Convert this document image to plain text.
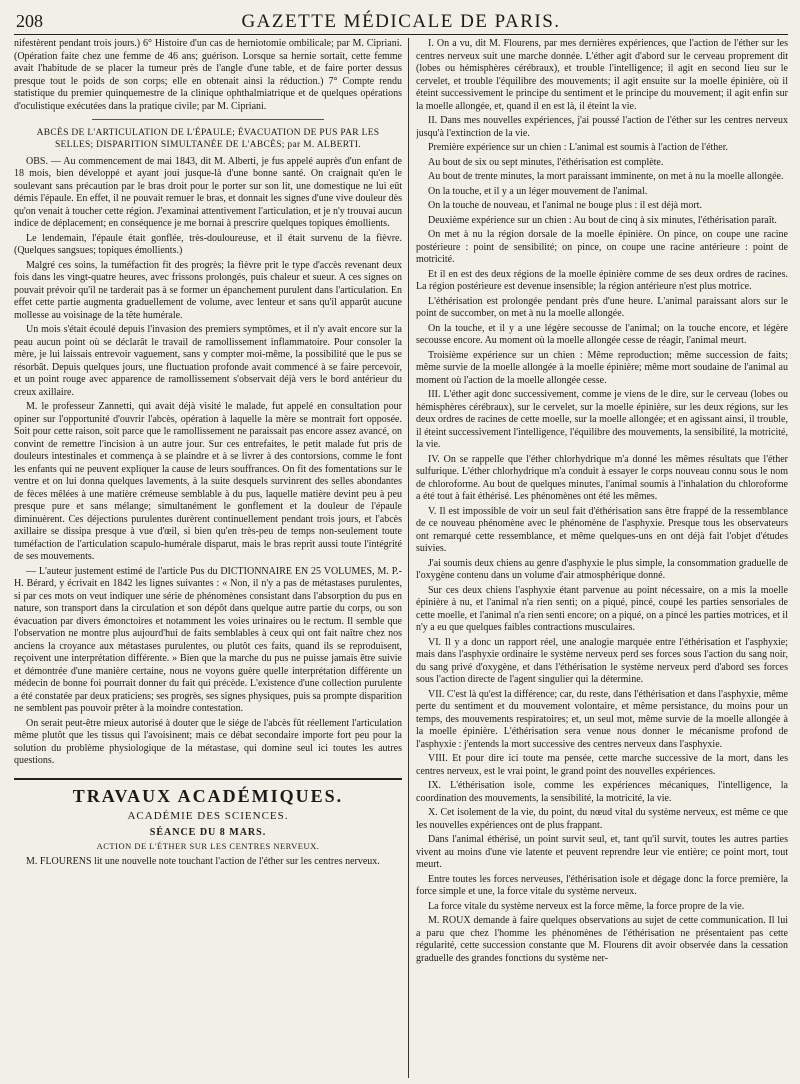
208	GAZETTE MÉDICALE DE PARIS.

nifestèrent pendant trois jours.) 6° Histoire d'un cas de herniotomie ombilicale; par M. Cipriani. (Opération faite chez une femme de 46 ans; guérison. Lorsque sa hernie sortait, cette femme avait l'habitude de se placer la tumeur près de l'angle d'une table, et de faire porter dessus presque tout le poids de son corps; elle en obtenait ainsi la réduction.) 7° Compte rendu statistique du premier quinquemestre de la clinique ophthalmiatrique et de quelques opérations d'oculistique exécutées dans la pratique civile; par M. Cipriani.

ABCÈS DE L'ARTICULATION DE L'ÉPAULE; ÉVACUATION DE PUS PAR LES SELLES; DISPARITION SIMULTANÉE DE L'ABCÈS; par M. ALBERTI.

OBS. — Au commencement de mai 1843, dit M. Alberti, je fus appelé auprès d'un enfant de 18 mois, bien développé et ayant joui jusque-là d'une bonne santé. On craignait qu'en le soulevant sans précaution par le bras droit pour le porter sur son lit, une domestique ne lui eût démis l'épaule. En effet, il ne pouvait remuer le bras, et donnait les signes d'une vive douleur dès qu'on venait à toucher cette région. J'examinai attentivement l'articulation, et je n'y trouvai aucun indice de déplacement; en conséquence je me bornai à prescrire quelques topiques émollients.

Le lendemain, l'épaule était gonflée, très-douloureuse, et il était survenu de la fièvre. (Quelques sangsues; topiques émollients.)

Malgré ces soins, la tuméfaction fit des progrès; la fièvre prit le type d'accès revenant deux fois dans les vingt-quatre heures, avec frissons prolongés, puis chaleur et sueur. A ces signes on pouvait prévoir qu'il ne tarderait pas à se former un épanchement purulent dans l'articulation. En effet cette partie augmenta graduellement de volume, avec lenteur et sans qu'il apparût aucune mollesse au voisinage de la tête humérale.

Un mois s'était écoulé depuis l'invasion des premiers symptômes, et il n'y avait encore sur la peau aucun point où se déclarât le travail de ramollissement inflammatoire. Pour consoler la mère, je lui laissais entrevoir vaguement, sans y compter moi-même, la possibilité que le pus se résorbât. Depuis quelques jours, une fluctuation profonde avait commencé à se faire percevoir, et un point rouge avec apparence de ramollissement s'observait déjà vers le bord antérieur du creux axillaire.

M. le professeur Zannetti, qui avait déjà visité le malade, fut appelé en consultation pour opiner sur l'opportunité d'ouvrir l'abcès, opération à laquelle la mère se montrait fort opposée. Soit pour cette raison, soit parce que le ramollissement ne paraissait pas encore assez avancé, on convint de remettre l'incision à un autre jour. Sur ces entrefaites, le petit malade fut pris de douleurs intestinales et commença à se plaindre et à se livrer à des contorsions, comme le font les enfants qui ne peuvent expliquer la cause de leurs souffrances. On fit des fomentations sur le ventre et on lui donna quelques lavements, à la suite desquels survinrent des selles abondantes de fèces mêlées à une matière crémeuse semblable à du pus, laquelle matière devint peu à peu presque pure et sans mélange; simultanément le gonflement et la douleur de l'épaule diminuèrent. Ces déjections purulentes durèrent continuellement pendant trois jours, et l'abcès axillaire se dissipa presque à vue d'œil, si bien qu'en très-peu de temps non-seulement toute tuméfaction de l'articulation scapulo-humérale disparut, mais le bras reprit aussi toute l'intégrité de ses mouvements.

— L'auteur justement estimé de l'article Pus du DICTIONNAIRE EN 25 VOLUMES, M. P.-H. Bérard, y écrivait en 1842 les lignes suivantes : « Non, il n'y a pas de métastases purulentes, si par ces mots on veut indiquer une série de phénomènes consistant dans l'absorption du pus en nature, son transport dans la circulation et son dépôt dans quelque autre partie du corps, ou son évacuation par divers émonctoires et notamment les voies urinaires ou le rectum. Il semble que l'observation ne montre plus aujourd'hui de faits semblables à ceux qui ont fait naître chez nos anciens la croyance aux métastases purulentes, ou plutôt ces faits, quand ils se reproduisent, reçoivent une interprétation différente. » Bien que la marche du pus ne puisse jamais être suivie et démontrée d'une manière certaine, nous ne voyons guère quelle interprétation différente un médecin de bonne foi pourrait donner du fait qui précède. L'existence d'une collection purulente a été constatée par deux praticiens; ses progrès, ses signes physiques, puis sa prompte disparition ne semblent pas pouvoir prêter à la moindre contestation.

On serait peut-être mieux autorisé à douter que le siége de l'abcès fût réellement l'articulation même plutôt que les tissus qui l'avoisinent; mais ce débat secondaire importe fort peu pour la solution du problème physiologique de la métastase, qui domine seul ici toutes les autres questions.

TRAVAUX ACADÉMIQUES.
ACADÉMIE DES SCIENCES.
SÉANCE DU 8 MARS.
ACTION DE L'ÉTHER SUR LES CENTRES NERVEUX.

M. FLOURENS lit une nouvelle note touchant l'action de l'éther sur les centres nerveux.

I. On a vu, dit M. Flourens, par mes dernières expériences, que l'action de l'éther sur les centres nerveux suit une marche donnée. L'éther agit d'abord sur le cerveau proprement dit (lobes ou hémisphères cérébraux), et trouble l'intelligence; il agit en second lieu sur le cervelet, et trouble l'équilibre des mouvements; il agit ensuite sur la moelle épinière, où il éteint successivement le principe du sentiment et le principe du mouvement; il agit enfin sur la moelle allongée, et, quand il en est là, il éteint la vie.

II. Dans mes nouvelles expériences, j'ai poussé l'action de l'éther sur les centres nerveux jusqu'à l'extinction de la vie.

Première expérience sur un chien : L'animal est soumis à l'action de l'éther.

Au bout de six ou sept minutes, l'éthérisation est complète.

Au bout de trente minutes, la mort paraissant imminente, on met à nu la moelle allongée.

On la touche, et il y a un léger mouvement de l'animal.

On la touche de nouveau, et l'animal ne bouge plus : il est déjà mort.

Deuxième expérience sur un chien : Au bout de cinq à six minutes, l'éthérisation paraît.

On met à nu la région dorsale de la moelle épinière. On pince, on coupe une racine postérieure : point de sensibilité; on pince, on coupe une racine antérieure : point de motricité.

Et il en est des deux régions de la moelle épinière comme de ses deux ordres de racines. La région postérieure est devenue insensible; la région antérieure n'est plus motrice.

L'éthérisation est prolongée pendant près d'une heure. L'animal paraissant alors sur le point de succomber, on met à nu la moelle allongée.

On la touche, et il y a une légère secousse de l'animal; on la touche encore, et légère secousse encore. Au moment où la moelle allongée cesse de réagir, l'animal meurt.

Troisième expérience sur un chien : Même reproduction; même succession de faits; même survie de la moelle allongée à la moelle épinière; même mort soudaine de l'animal au moment où l'action de la moelle allongée cesse.

III. L'éther agit donc successivement, comme je viens de le dire, sur le cerveau (lobes ou hémisphères cérébraux), sur le cervelet, sur la moelle épinière, sur les deux régions, sur les deux ordres de racines de cette moelle, sur la moelle allongée; et en agissant ainsi, il trouble, il éteint successivement l'intelligence, l'équilibre des mouvements, la sensibilité, la motricité, la vie.

IV. On se rappelle que l'éther chlorhydrique m'a donné les mêmes résultats que l'éther sulfurique. L'éther chlorhydrique m'a conduit à essayer le corps nouveau connu sous le nom de chloroforme. Au bout de quelques minutes, l'animal soumis à l'inhalation du chloroforme a été tout à fait éthérisé. Les phénomènes ont été les mêmes.

V. Il est impossible de voir un seul fait d'éthérisation sans être frappé de la ressemblance de ce nouveau phénomène avec le phénomène de l'asphyxie. Presque tous les observateurs ont remarqué cette ressemblance, et même quelques-uns en ont déjà fait l'objet d'études suivies.

J'ai soumis deux chiens au genre d'asphyxie le plus simple, la consommation graduelle de l'oxygène contenu dans un volume d'air atmosphérique donné.

Sur ces deux chiens l'asphyxie étant parvenue au point nécessaire, on a mis la moelle épinière à nu, et l'animal n'a rien senti; on a piqué, pincé, coupé les parties sensoriales de cette moelle, et l'animal n'a rien senti encore; on a piqué, on a pincé les parties motrices, et il n'y a eu que quelques faibles contractions musculaires.

VI. Il y a donc un rapport réel, une analogie marquée entre l'éthérisation et l'asphyxie; mais dans l'asphyxie ordinaire le système nerveux perd ses forces sous l'action du sang noir, du sang privé d'oxygène, et dans l'éthérisation le système nerveux perd d'abord ses forces sous l'action directe de l'agent singulier qui la détermine.

VII. C'est là qu'est la différence; car, du reste, dans l'éthérisation et dans l'asphyxie, même perte du sentiment et du mouvement volontaire, et même persistance, du moins pour un temps, des mouvements respiratoires; et, un seul mot, même survie de la moelle allongée à la moelle épinière. L'éthérisation sera venue nous donner le mécanisme profond de l'asphyxie : j'entends la mort successive des centres nerveux dans l'asphyxie.

VIII. Et pour dire ici toute ma pensée, cette marche successive de la mort, dans les centres nerveux, est le vrai point, le grand point des nouvelles expériences.

IX. L'éthérisation isole, comme les expériences mécaniques, l'intelligence, la coordination des mouvements, la sensibilité, la motricité, la vie.

X. Cet isolement de la vie, du point, du nœud vital du système nerveux, est même ce que les nouvelles expériences ont de plus frappant.

Dans l'animal éthérisé, un point survit seul, et, tant qu'il survit, toutes les autres parties vivent au moins d'une vie latente et peuvent reprendre leur vie entière; ce point mort, tout meurt.

Entre toutes les forces nerveuses, l'éthérisation isole et dégage donc la force première, la force simple et une, la force vitale du système nerveux.

La force vitale du système nerveux est la force même, la force propre de la vie.

M. ROUX demande à faire quelques observations au sujet de cette communication. Il lui a paru que chez l'homme les phénomènes de l'éthérisation ne présentaient pas cette régularité, cette succession constante que M. Flourens dit avoir observée dans la cessation graduelle des grandes fonctions du système ner-
